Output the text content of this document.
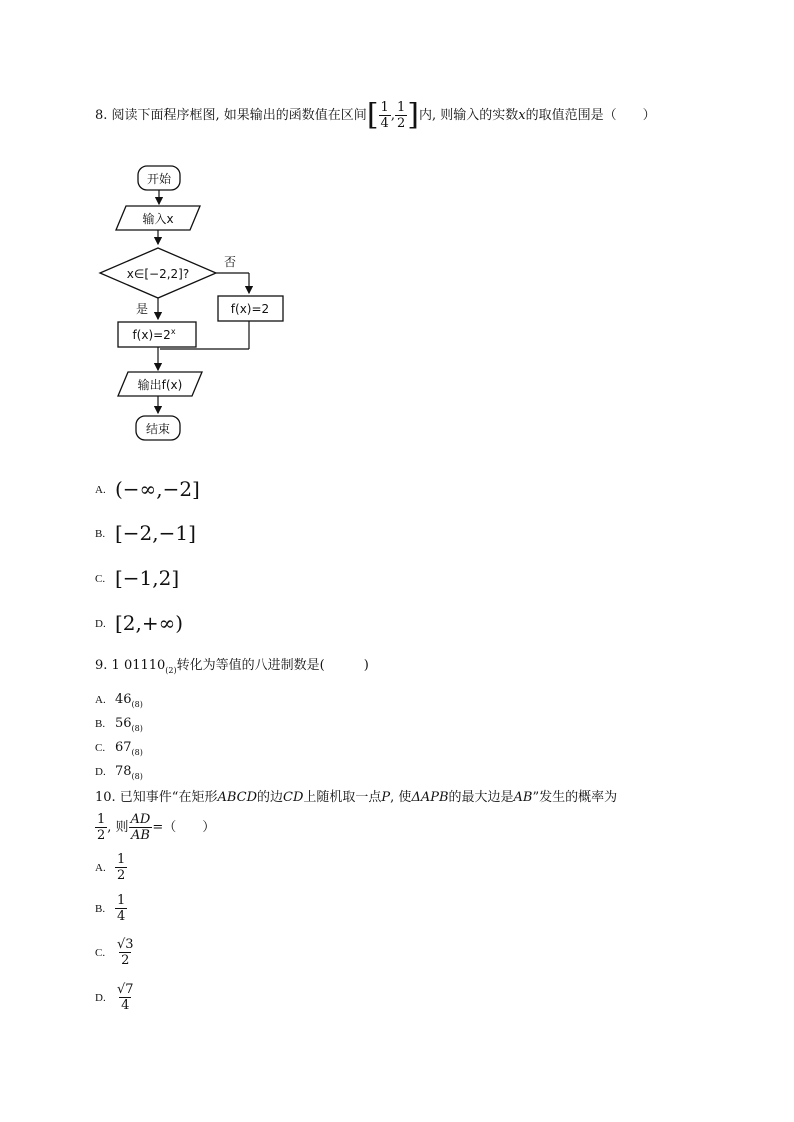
8. 阅读下面程序框图, 如果输出的函数值在区间[ $\frac{1}{4}$ , $\frac{1}{2}$ ]内, 则输入的实数x的取值范围是（　　）
开始
输入x
x∈[−2,2]?
否
f(x)=2
是
$f(x)=2^x$
输出f(x)
结束
A. (−∞,−2]
B. [−2,−1]
C. [−1,2]
D. [2,+∞)
9. 1 $01110_{(2)}$转化为等值的八进制数是(　　　)
A. $46_{(8)}$
B. $56_{(8)}$
C. $67_{(8)}$
D. $78_{(8)}$
10. 已知事件“在矩形ABCD的边CD上随机取一点P, 使ΔAPB的最大边是AB”发生的概率为
$\frac{1}{2}$ , 则 $\frac{AD}{AB}$ =（　　）
A. $\frac{1}{2}$
B. $\frac{1}{4}$
C. $\frac{√3}{2}$
D. $\frac{√7}{4}$
